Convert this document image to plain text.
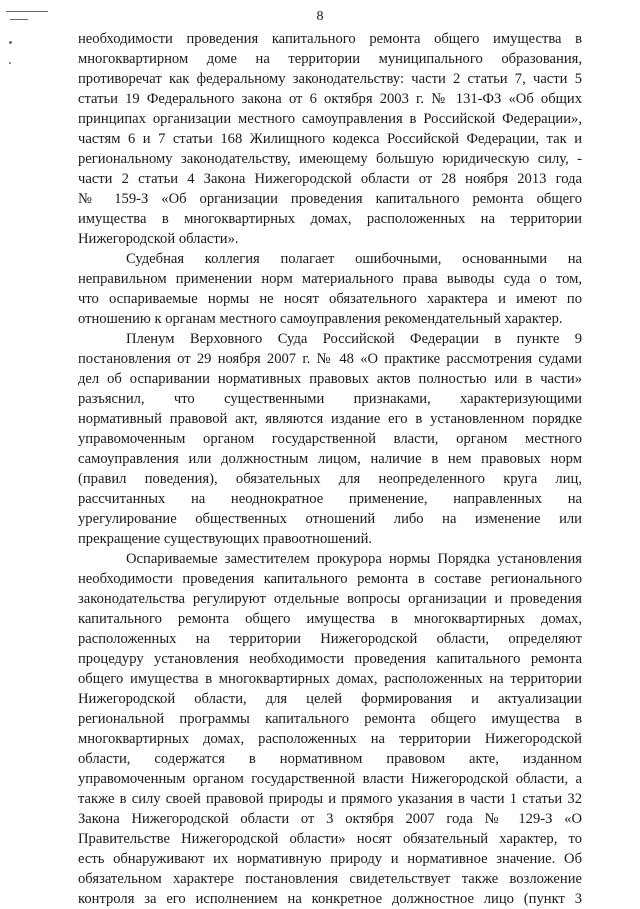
8
необходимости проведения капитального ремонта общего имущества в
многоквартирном доме на территории муниципального образования,
противоречат как федеральному законодательству: части 2 статьи 7, части 5
статьи 19 Федерального закона от 6 октября 2003 г. № 131-ФЗ «Об общих
принципах организации местного самоуправления в Российской Федерации»,
частям 6 и 7 статьи 168 Жилищного кодекса Российской Федерации, так и
региональному законодательству, имеющему большую юридическую силу, -
части 2 статьи 4 Закона Нижегородской области от 28 ноября 2013 года
№ 159-З «Об организации проведения капитального ремонта общего
имущества в многоквартирных домах, расположенных на территории
Нижегородской области».
Судебная коллегия полагает ошибочными, основанными на
неправильном применении норм материального права выводы суда о том,
что оспариваемые нормы не носят обязательного характера и имеют по
отношению к органам местного самоуправления рекомендательный характер.
Пленум Верховного Суда Российской Федерации в пункте 9
постановления от 29 ноября 2007 г. № 48 «О практике рассмотрения судами
дел об оспаривании нормативных правовых актов полностью или в части»
разъяснил, что существенными признаками, характеризующими
нормативный правовой акт, являются издание его в установленном порядке
управомоченным органом государственной власти, органом местного
самоуправления или должностным лицом, наличие в нем правовых норм
(правил поведения), обязательных для неопределенного круга лиц,
рассчитанных на неоднократное применение, направленных на
урегулирование общественных отношений либо на изменение или
прекращение существующих правоотношений.
Оспариваемые заместителем прокурора нормы Порядка установления
необходимости проведения капитального ремонта в составе регионального
законодательства регулируют отдельные вопросы организации и проведения
капитального ремонта общего имущества в многоквартирных домах,
расположенных на территории Нижегородской области, определяют
процедуру установления необходимости проведения капитального ремонта
общего имущества в многоквартирных домах, расположенных на территории
Нижегородской области, для целей формирования и актуализации
региональной программы капитального ремонта общего имущества в
многоквартирных домах, расположенных на территории Нижегородской
области, содержатся в нормативном правовом акте, изданном
управомоченным органом государственной власти Нижегородской области, а
также в силу своей правовой природы и прямого указания в части 1 статьи 32
Закона Нижегородской области от 3 октября 2007 года № 129-З «О
Правительстве Нижегородской области» носят обязательный характер, то
есть обнаруживают их нормативную природу и нормативное значение. Об
обязательном характере постановления свидетельствует также возложение
контроля за его исполнением на конкретное должностное лицо (пункт 3
